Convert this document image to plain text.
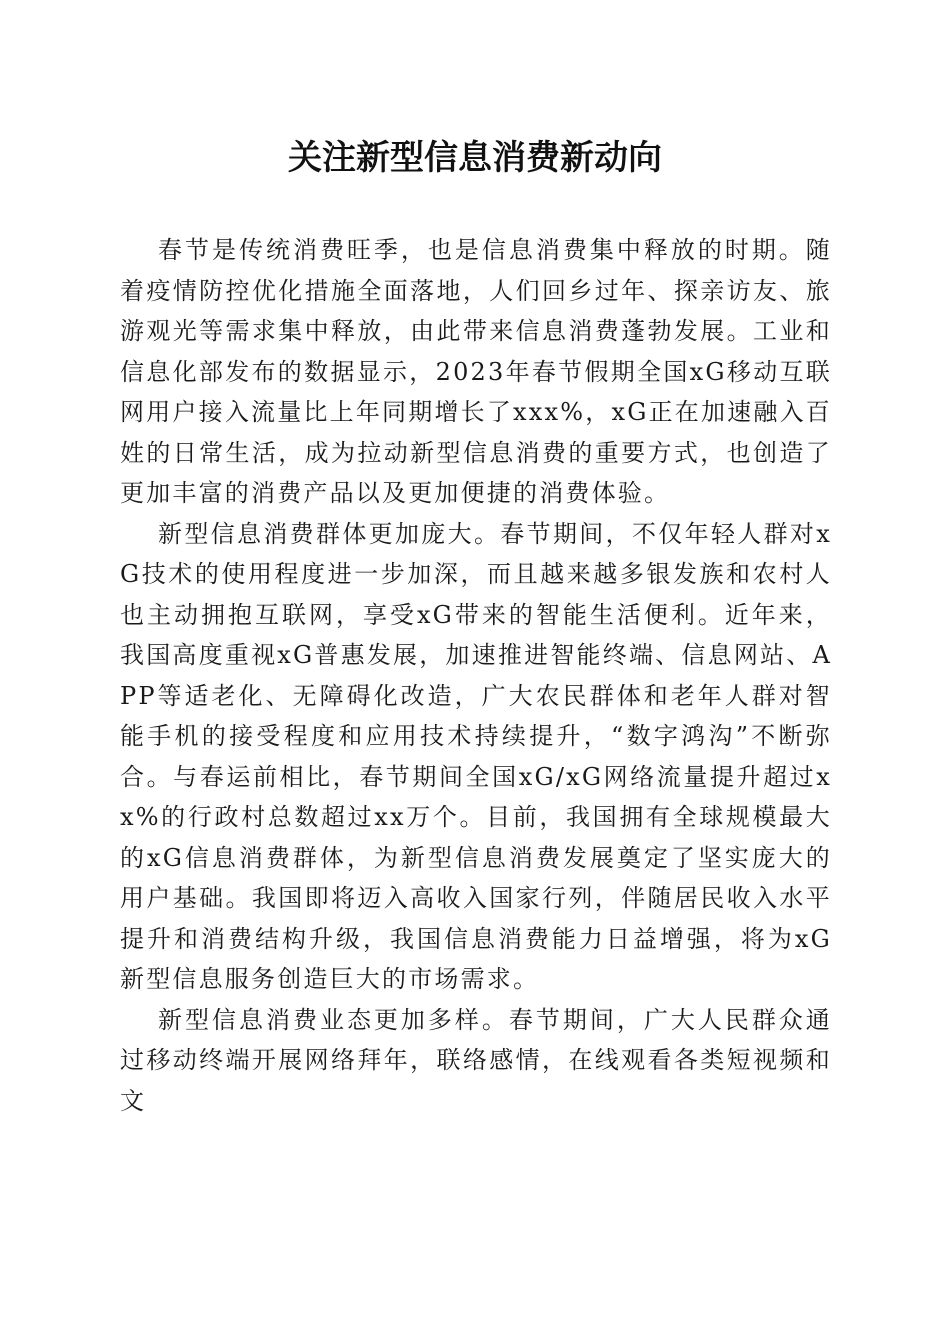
关注新型信息消费新动向

春节是传统消费旺季，也是信息消费集中释放的时期。随着疫情防控优化措施全面落地，人们回乡过年、探亲访友、旅游观光等需求集中释放，由此带来信息消费蓬勃发展。工业和信息化部发布的数据显示，2023年春节假期全国xG移动互联网用户接入流量比上年同期增长了xxx%，xG正在加速融入百姓的日常生活，成为拉动新型信息消费的重要方式，也创造了更加丰富的消费产品以及更加便捷的消费体验。

新型信息消费群体更加庞大。春节期间，不仅年轻人群对xG技术的使用程度进一步加深，而且越来越多银发族和农村人也主动拥抱互联网，享受xG带来的智能生活便利。近年来，我国高度重视xG普惠发展，加速推进智能终端、信息网站、APP等适老化、无障碍化改造，广大农民群体和老年人群对智能手机的接受程度和应用技术持续提升，“数字鸿沟”不断弥合。与春运前相比，春节期间全国xG/xG网络流量提升超过xx%的行政村总数超过xx万个。目前，我国拥有全球规模最大的xG信息消费群体，为新型信息消费发展奠定了坚实庞大的用户基础。我国即将迈入高收入国家行列，伴随居民收入水平提升和消费结构升级，我国信息消费能力日益增强，将为xG新型信息服务创造巨大的市场需求。

新型信息消费业态更加多样。春节期间，广大人民群众通过移动终端开展网络拜年，联络感情，在线观看各类短视频和文
